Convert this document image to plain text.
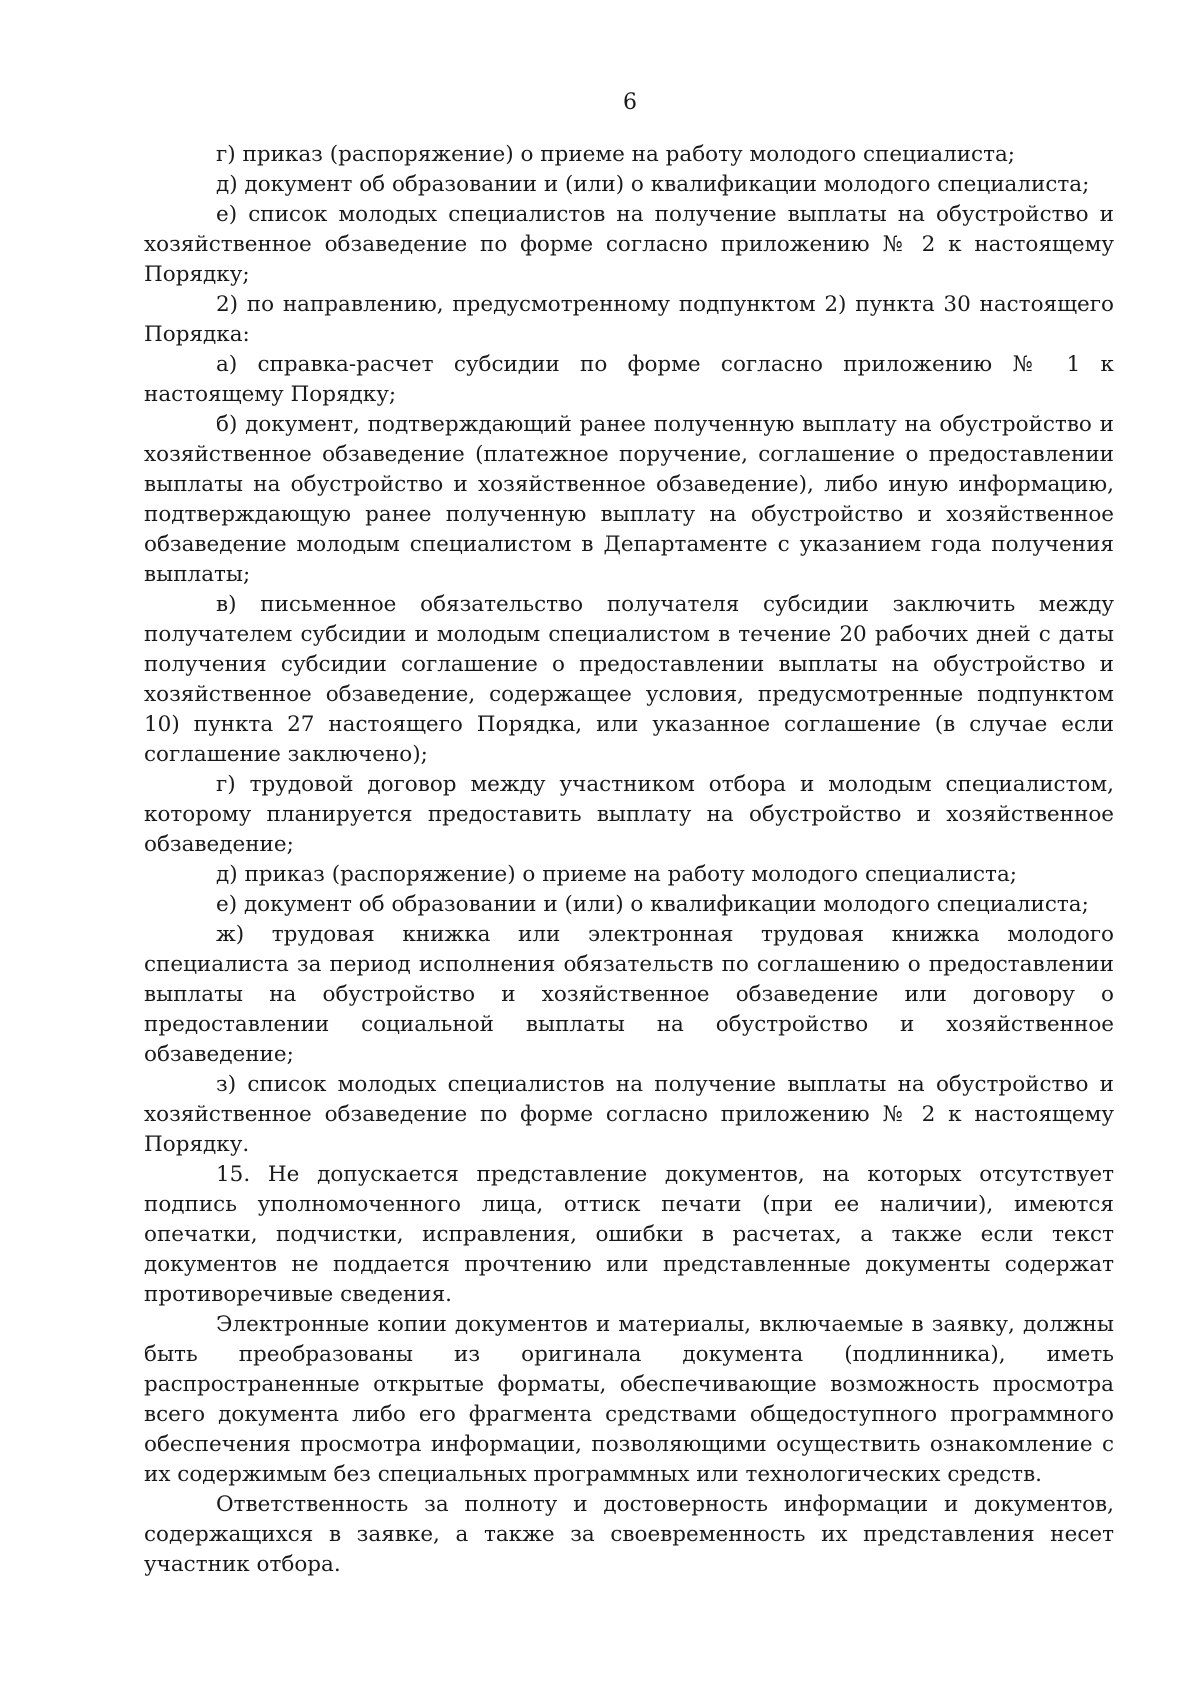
6

г) приказ (распоряжение) о приеме на работу молодого специалиста;

д) документ об образовании и (или) о квалификации молодого специалиста;

е) список молодых специалистов на получение выплаты на обустройство и хозяйственное обзаведение по форме согласно приложению № 2 к настоящему Порядку;

2) по направлению, предусмотренному подпунктом 2) пункта 30 настоящего Порядка:

а) справка-расчет субсидии по форме согласно приложению № 1 к настоящему Порядку;

б) документ, подтверждающий ранее полученную выплату на обустройство и хозяйственное обзаведение (платежное поручение, соглашение о предоставлении выплаты на обустройство и хозяйственное обзаведение), либо иную информацию, подтверждающую ранее полученную выплату на обустройство и хозяйственное обзаведение молодым специалистом в Департаменте с указанием года получения выплаты;

в) письменное обязательство получателя субсидии заключить между получателем субсидии и молодым специалистом в течение 20 рабочих дней с даты получения субсидии соглашение о предоставлении выплаты на обустройство и хозяйственное обзаведение, содержащее условия, предусмотренные подпунктом 10) пункта 27 настоящего Порядка, или указанное соглашение (в случае если соглашение заключено);

г) трудовой договор между участником отбора и молодым специалистом, которому планируется предоставить выплату на обустройство и хозяйственное обзаведение;

д) приказ (распоряжение) о приеме на работу молодого специалиста;

е) документ об образовании и (или) о квалификации молодого специалиста;

ж) трудовая книжка или электронная трудовая книжка молодого специалиста за период исполнения обязательств по соглашению о предоставлении выплаты на обустройство и хозяйственное обзаведение или договору о предоставлении социальной выплаты на обустройство и хозяйственное обзаведение;

з) список молодых специалистов на получение выплаты на обустройство и хозяйственное обзаведение по форме согласно приложению № 2 к настоящему Порядку.

15. Не допускается представление документов, на которых отсутствует подпись уполномоченного лица, оттиск печати (при ее наличии), имеются опечатки, подчистки, исправления, ошибки в расчетах, а также если текст документов не поддается прочтению или представленные документы содержат противоречивые сведения.

Электронные копии документов и материалы, включаемые в заявку, должны быть преобразованы из оригинала документа (подлинника), иметь распространенные открытые форматы, обеспечивающие возможность просмотра всего документа либо его фрагмента средствами общедоступного программного обеспечения просмотра информации, позволяющими осуществить ознакомление с их содержимым без специальных программных или технологических средств.

Ответственность за полноту и достоверность информации и документов, содержащихся в заявке, а также за своевременность их представления несет участник отбора.
